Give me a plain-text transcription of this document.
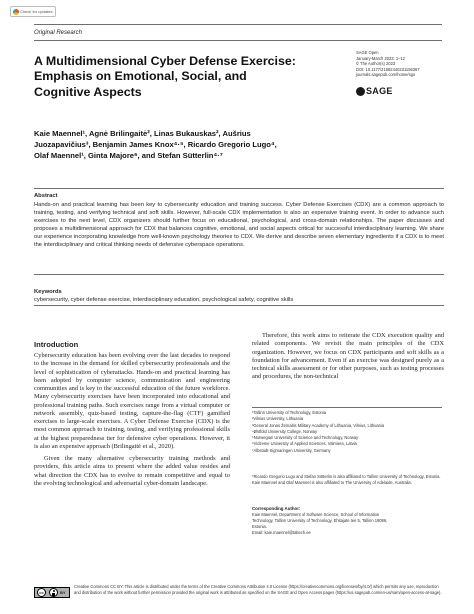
Check for updates
Original Research
A Multidimensional Cyber Defense Exercise: Emphasis on Emotional, Social, and Cognitive Aspects
SAGE Open
January-March 2023: 1–12
© The Author(s) 2023
DOI: 10.1177/21582440231156367
journals.sagepub.com/home/sgo
SAGE
Kaie Maennel¹, Agnė Brilingaitė², Linas Bukauskas², Aušrius
Juozapavičius³, Benjamin James Knox⁴·⁵, Ricardo Gregorio Lugo⁴,
Olaf Maennel¹, Ginta Majore⁶, and Stefan Sütterlin⁴·⁷
Abstract
Hands-on and practical learning has been key to cybersecurity education and training success. Cyber Defense Exercises (CDX) are a common approach to training, testing, and verifying technical and soft skills. However, full-scale CDX implementation is also an expensive training event. In order to advance such exercises to the next level, CDX organizers should further focus on educational, psychological, and cross-domain relationships. The paper discusses and proposes a multidimensional approach for CDX that balances cognitive, emotional, and social aspects critical for successful interdisciplinary learning. We share our experience incorporating knowledge from well-known psychology theories to CDX. We derive and describe seven elementary ingredients if a CDX is to meet the interdisciplinary and critical thinking needs of defensive cyberspace operations.
Keywords
cybersecurity, cyber defense exercise, interdisciplinary education, psychological safety, cognitive skills
Introduction

Cybersecurity education has been evolving over the last decades to respond to the increase in the demand for skilled cybersecurity professionals and the level of sophistication of cyberattacks. Hands-on and practical learning has been adopted by computer science, communication and engineering communities and is key to the successful education of the future workforce. Many cybersecurity exercises have been incorporated into educational and professional training paths. Such exercises range from a virtual computer or network assembly, quiz-based testing, capture-the-flag (CTF) gamified exercises to large-scale exercises. A Cyber Defense Exercise (CDX) is the most common approach to training, testing, and verifying professional skills at the highest preparedness tier for defensive cyber operations. However, it is also an expensive approach (Brilingaitė et al., 2020).

Given the many alternative cybersecurity training methods and providers, this article aims to present where the added value resides and what direction the CDX has to evolve to remain competitive and equal to the evolving technological and adversarial cyber-domain landscape.

Therefore, this work aims to reiterate the CDX execution quality and related components. We revisit the main principles of the CDX organization. However, we focus on CDX participants and soft skills as a foundation for advancement. Even if an exercise was designed purely as a technical skills assessment or for other purposes, such as testing processes and procedures, the non-technical

¹Tallinn University of Technology, Estonia
²Vilnius University, Lithuania
³General Jonas Žemaitis Military Academy of Lithuania, Vilnius, Lithuania
⁴Østfold University College, Norway
⁵Norwegian University of Science and Technology, Norway
⁶Vidzeme University of Applied Sciences, Valmiera, Latvia
⁷Albstadt-Sigmaringen University, Germany
*Ricardo Gregorio Lugo and Stefan Sütterlin is also affiliated to Tallinn University of Technology, Estonia. Kaie Maennel and Olaf Maennel is also affiliated to The University of Adelaide, Australia.
Corresponding Author:
Kaie Maennel, Department of Software Science, School of Information
Technology, Tallinn University of Technology, Ehitajate tee 5, Tallinn 19086,
Estonia.
Email: kaie.maennel@taltech.ee
cc	BY
Creative Commons CC BY: This article is distributed under the terms of the Creative Commons Attribution 4.0 License (https://creativecommons.org/licenses/by/4.0/) which permits any use, reproduction and distribution of the work without further permission provided the original work is attributed as specified on the SAGE and Open Access pages (https://us.sagepub.com/en-us/nam/open-access-at-sage).
